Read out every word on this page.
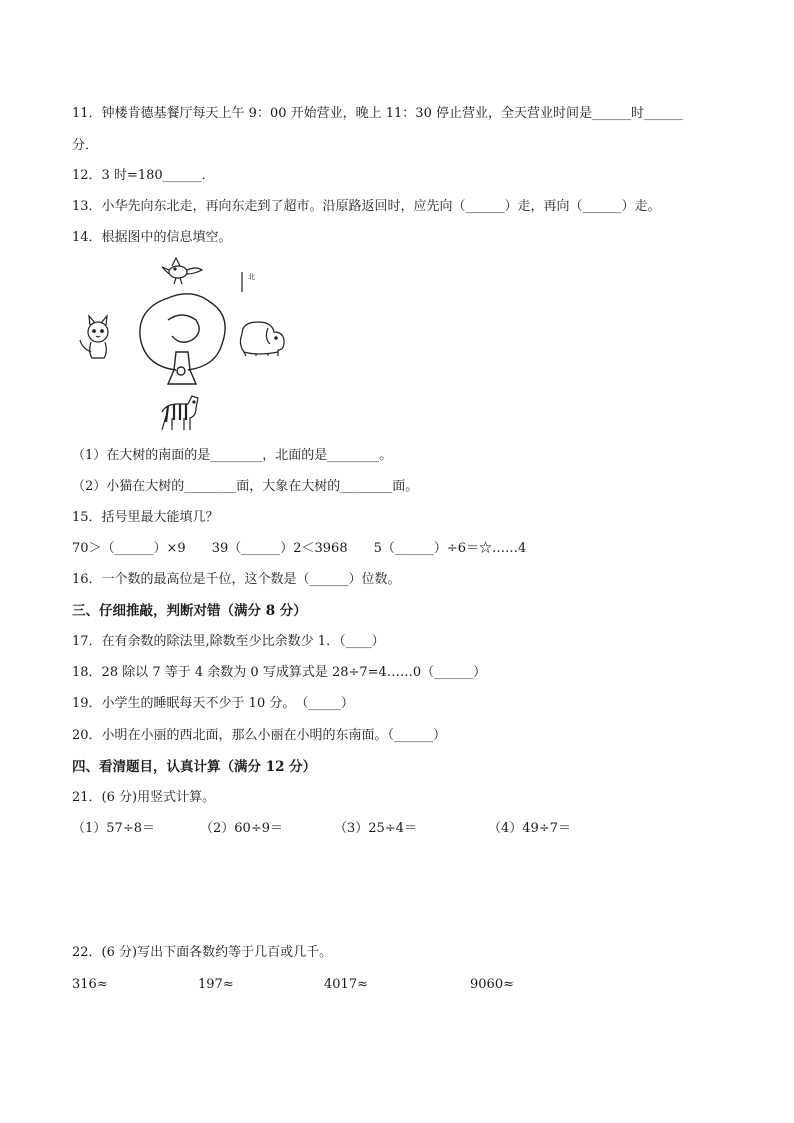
11．钟楼肯德基餐厅每天上午 9：00 开始营业，晚上 11：30 停止营业，全天营业时间是______时______
分．
12．3 时=180______．
13．小华先向东北走，再向东走到了超市。沿原路返回时，应先向（______）走，再向（______）走。
14．根据图中的信息填空。
北
（1）在大树的南面的是________，北面的是________。
（2）小猫在大树的________面，大象在大树的________面。
15．括号里最大能填几？
70＞（______）×9　　39（______）2＜3968　　5（______）÷6＝☆……4
16．一个数的最高位是千位，这个数是（______）位数。
三、仔细推敲，判断对错（满分 8 分）
17．在有余数的除法里,除数至少比余数少 1．（____）
18．28 除以 7 等于 4 余数为 0 写成算式是 28÷7=4……0（______）
19．小学生的睡眠每天不少于 10 分。　（_____）
20．小明在小丽的西北面，那么小丽在小明的东南面。（______）
四、看清题目，认真计算（满分 12 分）
21．(6 分)用竖式计算。
（1）57÷8＝	（2）60÷9＝	（3）25÷4＝	（4）49÷7＝
22．(6 分)写出下面各数约等于几百或几千。
316≈	197≈	4017≈	9060≈
